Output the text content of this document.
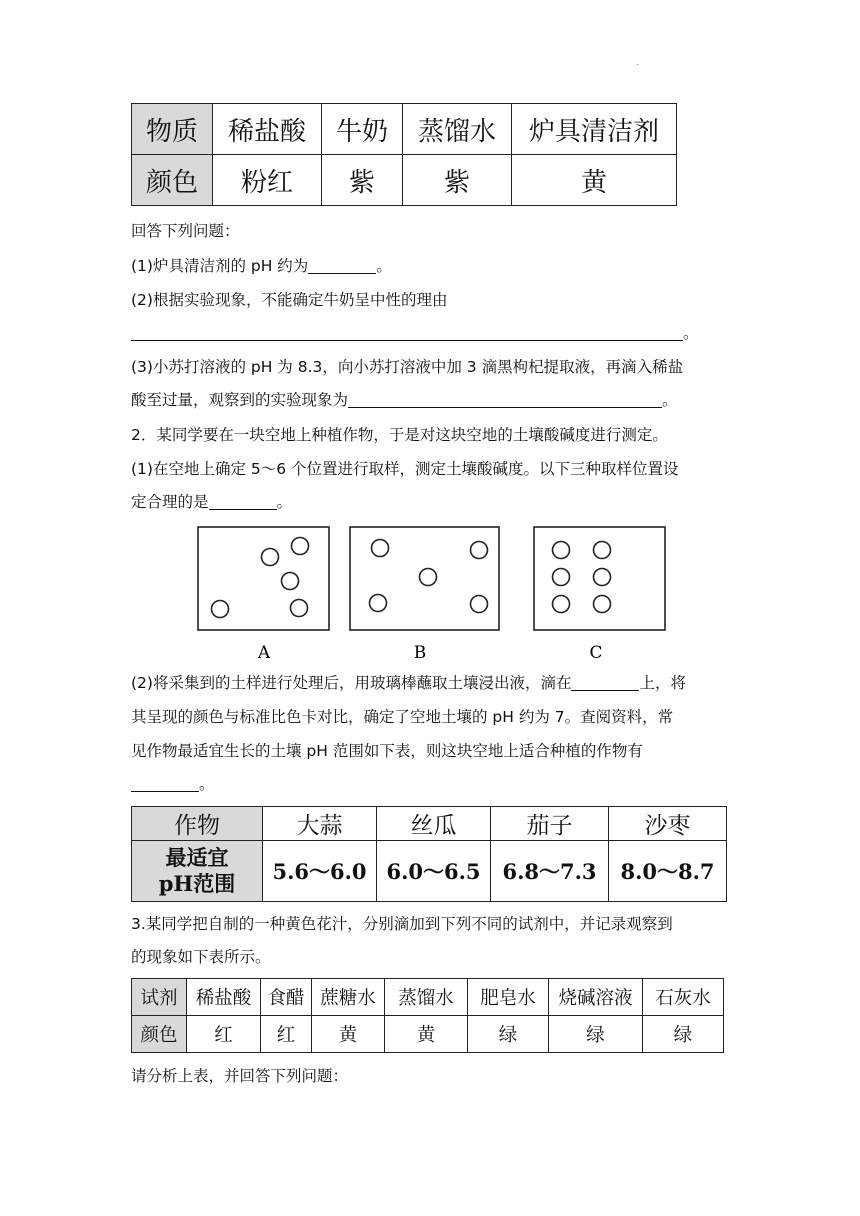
.
物质	稀盐酸	牛奶	蒸馏水	炉具清洁剂
颜色	粉红	紫	紫	黄
回答下列问题：
(1)炉具清洁剂的 pH 约为	。
(2)根据实验现象，不能确定牛奶呈中性的理由
。
(3)小苏打溶液的 pH 为 8.3，向小苏打溶液中加 3 滴黑枸杞提取液，再滴入稀盐
酸至过量，观察到的实验现象为	。
2．某同学要在一块空地上种植作物，于是对这块空地的土壤酸碱度进行测定。
(1)在空地上确定 5～6 个位置进行取样，测定土壤酸碱度。以下三种取样位置设
定合理的是	。
A	B	C
(2)将采集到的土样进行处理后，用玻璃棒蘸取土壤浸出液，滴在	上，将
其呈现的颜色与标准比色卡对比，确定了空地土壤的 pH 约为 7。查阅资料，常
见作物最适宜生长的土壤 pH 范围如下表，则这块空地上适合种植的作物有
。
作物	大蒜	丝瓜	茄子	沙枣

最适宜
pH范围	5.6～6.0	6.0～6.5	6.8～7.3	8.0～8.7
3.某同学把自制的一种黄色花汁，分别滴加到下列不同的试剂中，并记录观察到
的现象如下表所示。
试剂	稀盐酸	食醋	蔗糖水	蒸馏水	肥皂水	烧碱溶液	石灰水
颜色	红	红	黄	黄	绿	绿	绿
请分析上表，并回答下列问题：
